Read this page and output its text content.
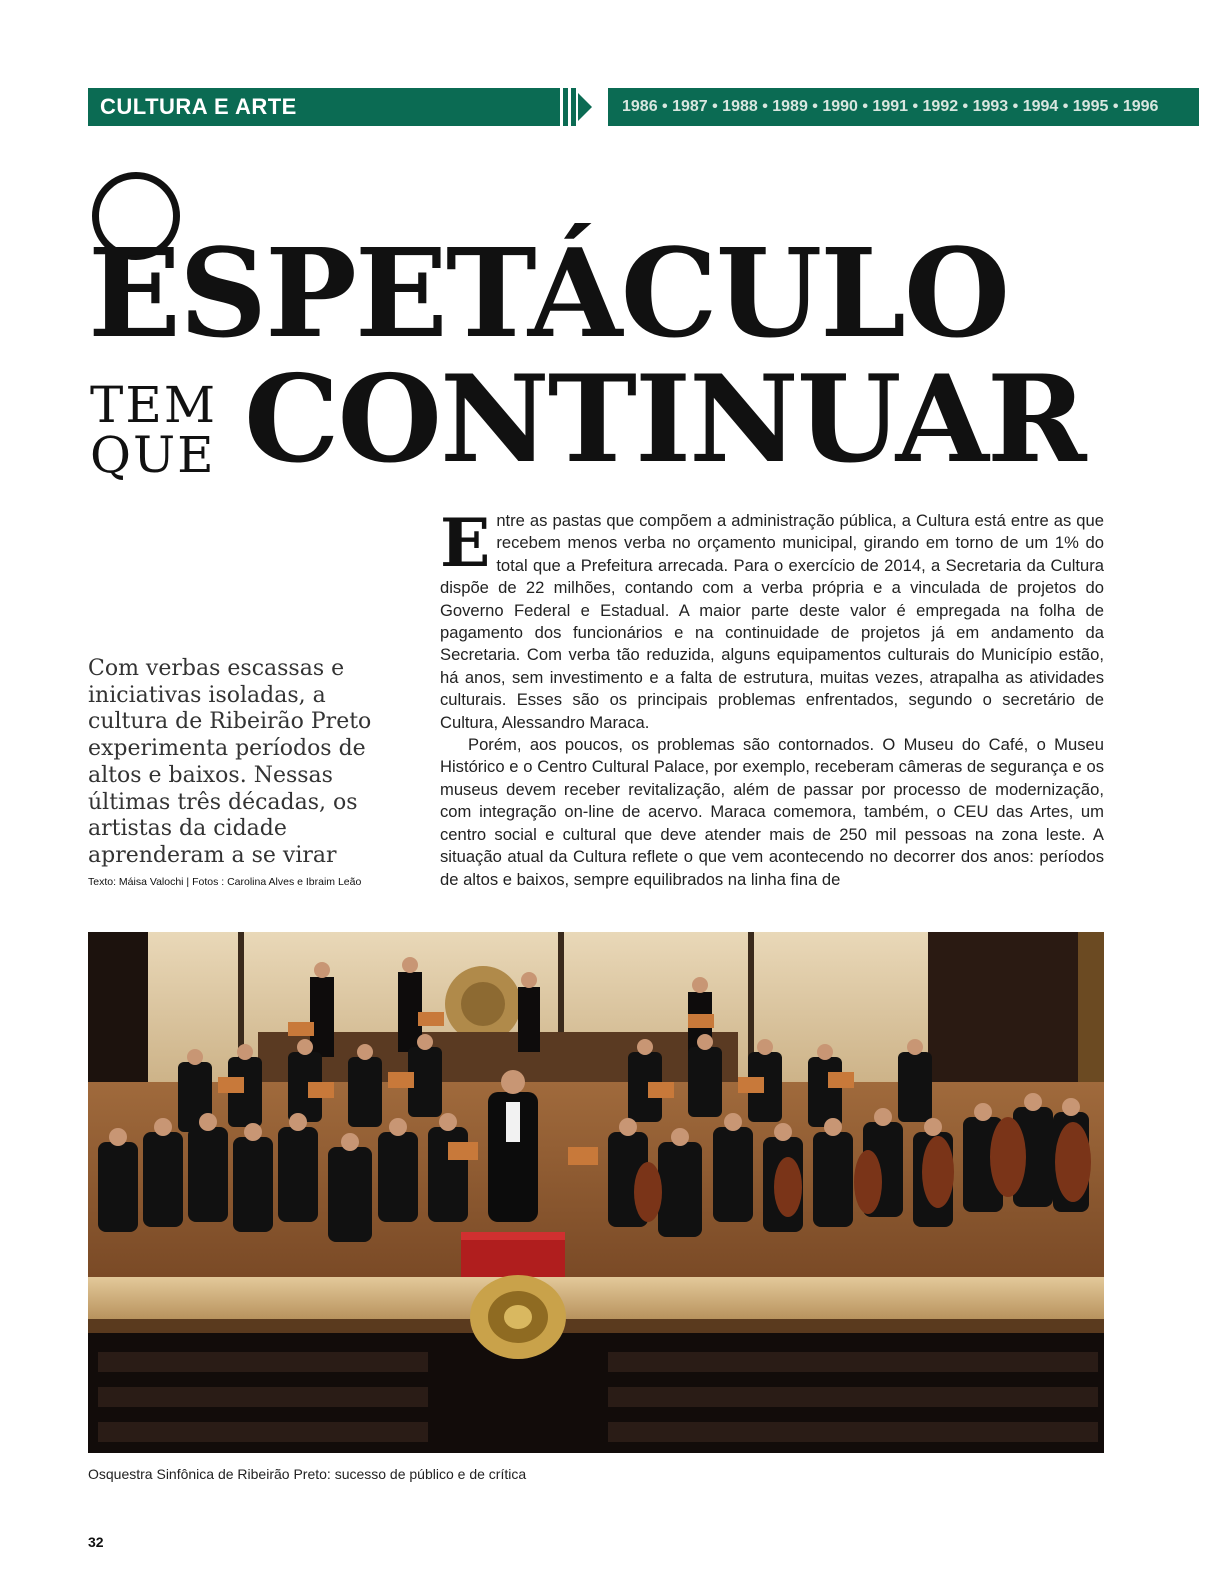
CULTURA E ARTE	1986 • 1987 • 1988 • 1989 • 1990 • 1991 • 1992 • 1993 • 1994 • 1995 • 1996
ESPETÁCULO
TEM
QUE CONTINUAR
Com verbas escassas e iniciativas isoladas, a cultura de Ribeirão Preto experimenta períodos de altos e baixos. Nessas últimas três décadas, os artistas da cidade aprenderam a se virar
Texto: Máisa Valochi | Fotos : Carolina Alves e Ibraim Leão

Entre as pastas que compõem a administração pública, a Cultura está entre as que recebem menos verba no orçamento municipal, girando em torno de um 1% do total que a Prefeitura arrecada. Para o exercício de 2014, a Secretaria da Cultura dispõe de 22 milhões, contando com a verba própria e a vinculada de projetos do Governo Federal e Estadual. A maior parte deste valor é empregada na folha de pagamento dos funcionários e na continuidade de projetos já em andamento da Secretaria. Com verba tão reduzida, alguns equipamentos culturais do Município estão, há anos, sem investimento e a falta de estrutura, muitas vezes, atrapalha as atividades culturais. Esses são os principais problemas enfrentados, segundo o secretário de Cultura, Alessandro Maraca.

Porém, aos poucos, os problemas são contornados. O Museu do Café, o Museu Histórico e o Centro Cultural Palace, por exemplo, receberam câmeras de segurança e os museus devem receber revitalização, além de passar por processo de modernização, com integração on-line de acervo. Maraca comemora, também, o CEU das Artes, um centro social e cultural que deve atender mais de 250 mil pessoas na zona leste. A situação atual da Cultura reflete o que vem acontecendo no decorrer dos anos: períodos de altos e baixos, sempre equilibrados na linha fina de

Osquestra Sinfônica de Ribeirão Preto: sucesso de público e de crítica
32
